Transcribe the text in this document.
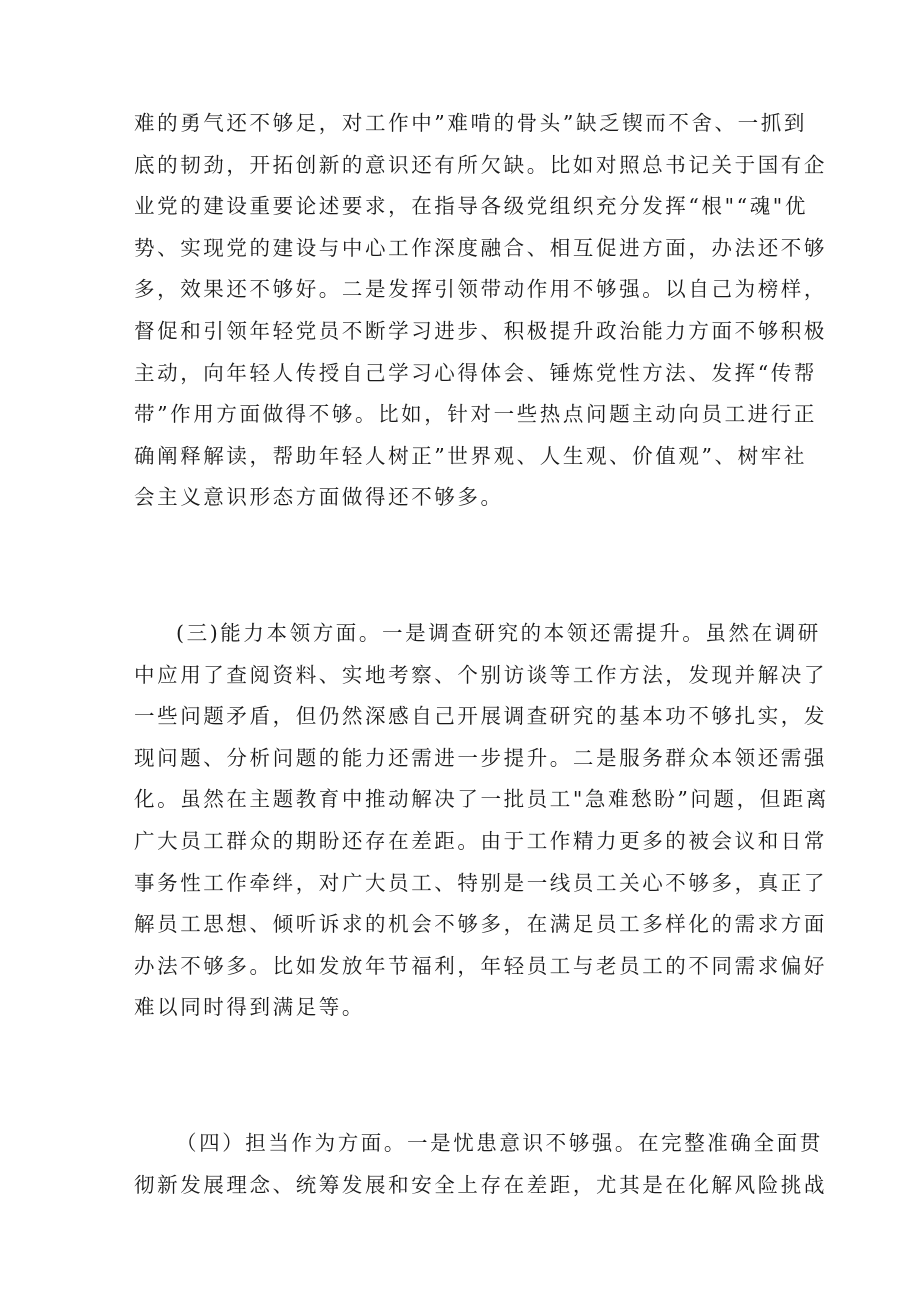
难的勇气还不够足，对工作中”难啃的骨头”缺乏锲而不舍、一抓到
底的韧劲，开拓创新的意识还有所欠缺。比如对照总书记关于国有企
业党的建设重要论述要求，在指导各级党组织充分发挥“根"“魂"优
势、实现党的建设与中心工作深度融合、相互促进方面，办法还不够
多，效果还不够好。二是发挥引领带动作用不够强。以自己为榜样，
督促和引领年轻党员不断学习进步、积极提升政治能力方面不够积极
主动，向年轻人传授自己学习心得体会、锤炼党性方法、发挥“传帮
带”作用方面做得不够。比如，针对一些热点问题主动向员工进行正
确阐释解读，帮助年轻人树正”世界观、人生观、价值观”、树牢社
会主义意识形态方面做得还不够多。
(三)能力本领方面。一是调查研究的本领还需提升。虽然在调研
中应用了查阅资料、实地考察、个别访谈等工作方法，发现并解决了
一些问题矛盾，但仍然深感自己开展调查研究的基本功不够扎实，发
现问题、分析问题的能力还需进一步提升。二是服务群众本领还需强
化。虽然在主题教育中推动解决了一批员工"急难愁盼”问题，但距离
广大员工群众的期盼还存在差距。由于工作精力更多的被会议和日常
事务性工作牵绊，对广大员工、特别是一线员工关心不够多，真正了
解员工思想、倾听诉求的机会不够多，在满足员工多样化的需求方面
办法不够多。比如发放年节福利，年轻员工与老员工的不同需求偏好
难以同时得到满足等。
（四）担当作为方面。一是忧患意识不够强。在完整准确全面贯
彻新发展理念、统筹发展和安全上存在差距，尤其是在化解风险挑战
